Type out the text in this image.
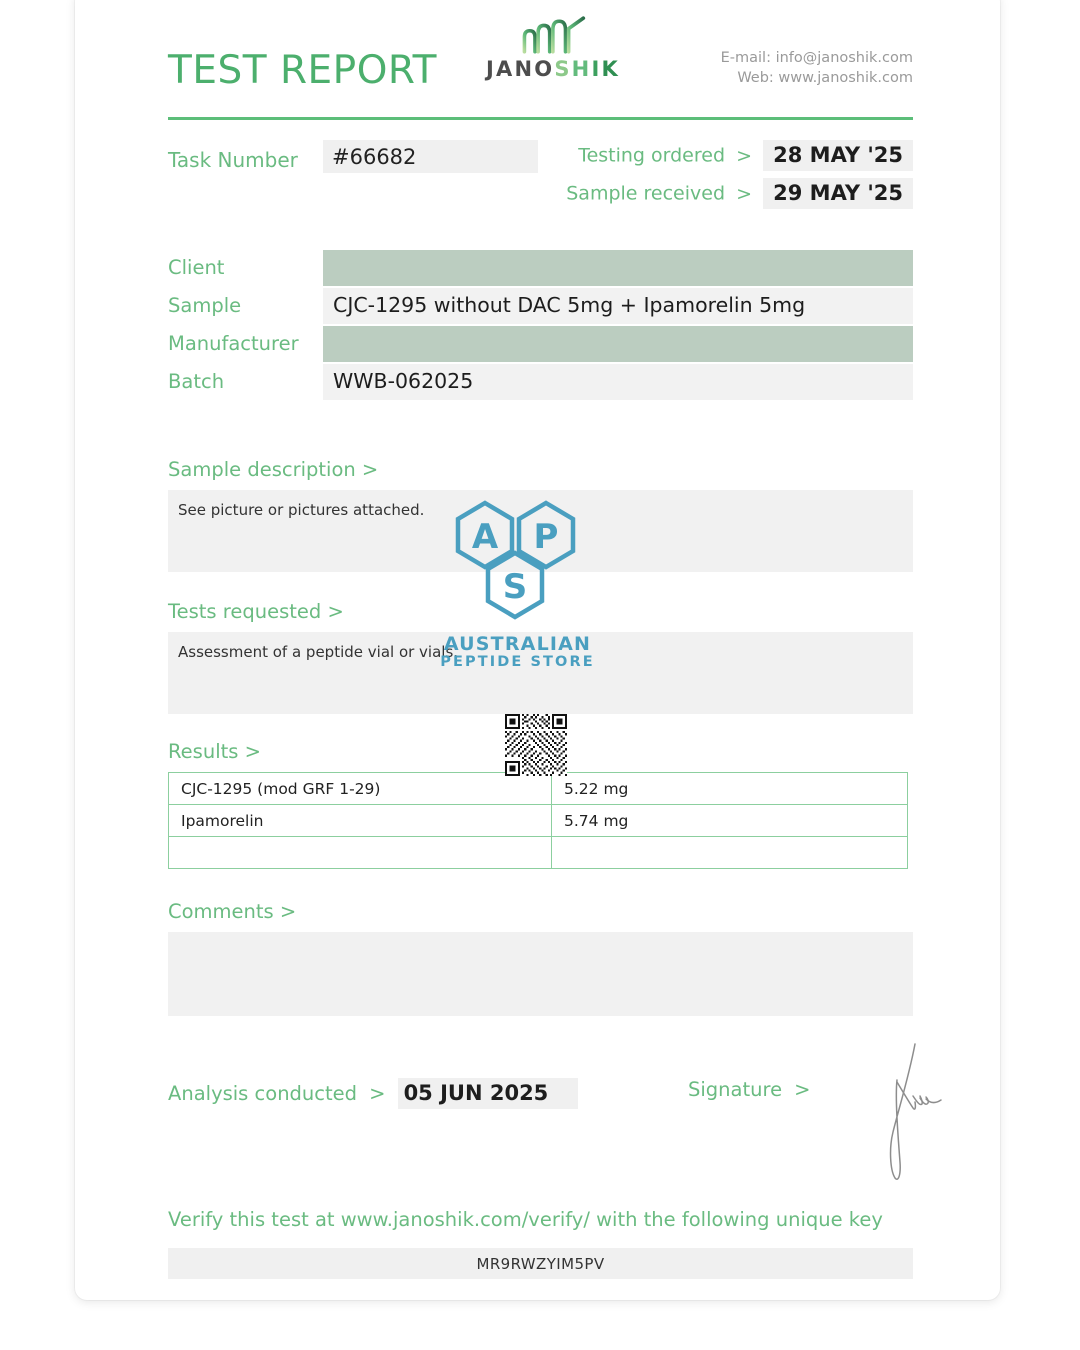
TEST REPORT	JANOSHIK	E-mail: info@janoshik.com
Web: www.janoshik.com
Task Number	#66682	Testing ordered > 28 MAY '25
Sample received > 29 MAY '25
Client
Sample	CJC-1295 without DAC 5mg + Ipamorelin 5mg
Manufacturer
Batch	WWB-062025
Sample description >
See picture or pictures attached.
Tests requested >
Assessment of a peptide vial or vials.
Results >
CJC-1295 (mod GRF 1-29)	5.22 mg
Ipamorelin	5.74 mg

Comments >
Analysis conducted > 05 JUN 2025	Signature >
Verify this test at www.janoshik.com/verify/ with the following unique key
MR9RWZYIM5PV
A P
S
AUSTRALIAN
PEPTIDE STORE
